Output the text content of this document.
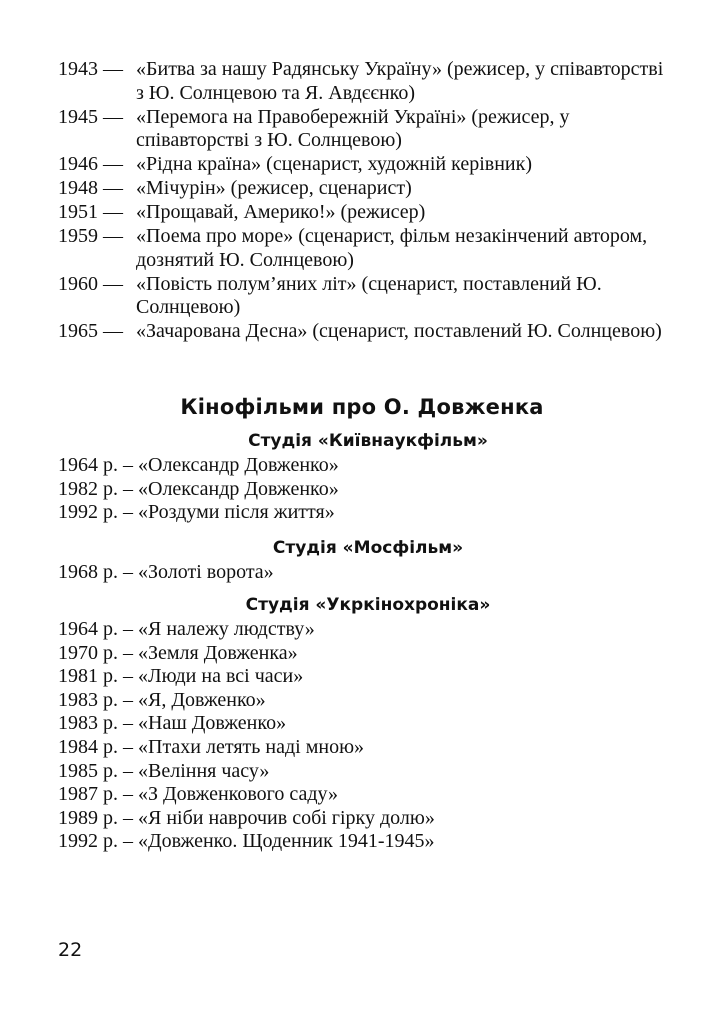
1943 — «Битва за нашу Радянську Україну» (режисер, у співавторстві з Ю. Солнцевою та Я. Авдєєнко)
1945 — «Перемога на Правобережній Україні» (режисер, у співавторстві з Ю. Солнцевою)
1946 — «Рідна країна» (сценарист, художній керівник)
1948 — «Мічурін» (режисер, сценарист)
1951 — «Прощавай, Америко!» (режисер)
1959 — «Поема про море» (сценарист, фільм незакінчений автором, дознятий Ю. Солнцевою)
1960 — «Повість полум’яних літ» (сценарист, поставлений Ю. Солнцевою)
1965 — «Зачарована Десна» (сценарист, поставлений Ю. Солнцевою)
Кінофільми про О. Довженка
Студія «Київнаукфільм»
1964 р. – «Олександр Довженко»
1982 р. – «Олександр Довженко»
1992 р. – «Роздуми після життя»
Студія «Мосфільм»
1968 р. – «Золоті ворота»
Студія «Укркінохроніка»
1964 р. – «Я належу людству»
1970 р. – «Земля Довженка»
1981 р. – «Люди на всі часи»
1983 р. – «Я, Довженко»
1983 р. – «Наш Довженко»
1984 р. – «Птахи летять наді мною»
1985 р. – «Веління часу»
1987 р. – «З Довженкового саду»
1989 р. – «Я ніби наврочив собі гірку долю»
1992 р. – «Довженко. Щоденник 1941-1945»
22
